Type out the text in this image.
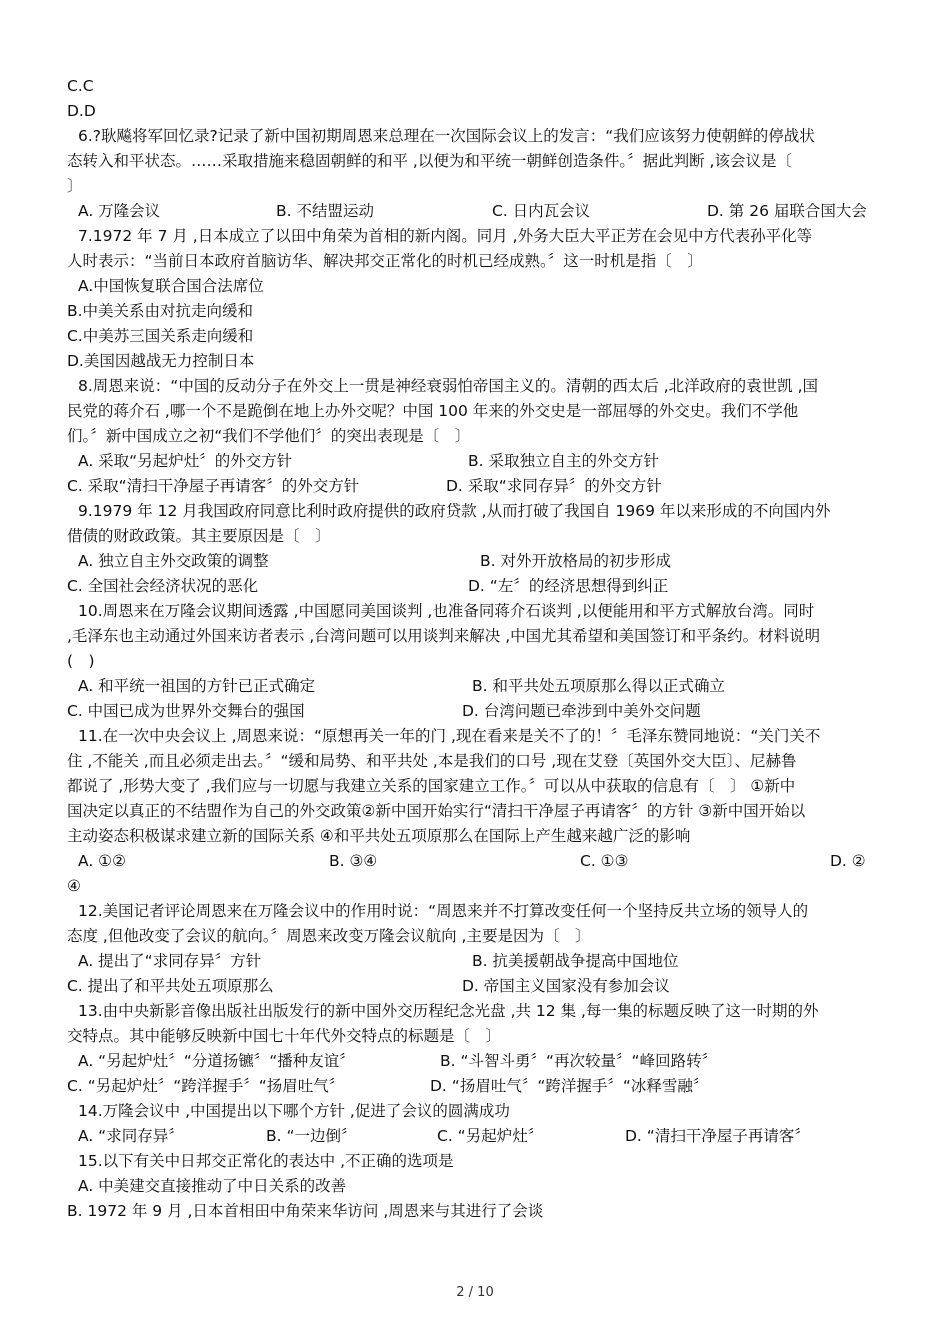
C.C
D.D
6.?耿飚将军回忆录?记录了新中国初期周恩来总理在一次国际会议上的发言：“我们应该努力使朝鲜的停战状
态转入和平状态。……采取措施来稳固朝鲜的和平 ,以便为和平统一朝鲜创造条件。〞据此判断 ,该会议是〔
〕
A. 万隆会议	B. 不结盟运动	C. 日内瓦会议	D. 第 26 届联合国大会
7.1972 年 7 月 ,日本成立了以田中角荣为首相的新内阁。同月 ,外务大臣大平正芳在会见中方代表孙平化等
人时表示：“当前日本政府首脑访华、解决邦交正常化的时机已经成熟。〞这一时机是指〔　〕
A.中国恢复联合国合法席位
B.中美关系由对抗走向缓和
C.中美苏三国关系走向缓和
D.美国因越战无力控制日本
8.周恩来说：“中国的反动分子在外交上一贯是神经衰弱怕帝国主义的。清朝的西太后 ,北洋政府的袁世凯 ,国
民党的蒋介石 ,哪一个不是跪倒在地上办外交呢？中国 100 年来的外交史是一部屈辱的外交史。我们不学他
们。〞新中国成立之初“我们不学他们〞的突出表现是〔　〕
A. 采取“另起炉灶〞的外交方针	B. 采取独立自主的外交方针
C. 采取“清扫干净屋子再请客〞的外交方针	D. 采取“求同存异〞的外交方针
9.1979 年 12 月我国政府同意比利时政府提供的政府贷款 ,从而打破了我国自 1969 年以来形成的不向国内外
借债的财政政策。其主要原因是〔　〕
A. 独立自主外交政策的调整	B. 对外开放格局的初步形成
C. 全国社会经济状况的恶化	D. “左〞的经济思想得到纠正
10.周恩来在万隆会议期间透露 ,中国愿同美国谈判 ,也准备同蒋介石谈判 ,以便能用和平方式解放台湾。同时
,毛泽东也主动通过外国来访者表示 ,台湾问题可以用谈判来解决 ,中国尤其希望和美国签订和平条约。材料说明
(　)
A. 和平统一祖国的方针已正式确定	B. 和平共处五项原那么得以正式确立
C. 中国已成为世界外交舞台的强国	D. 台湾问题已牵涉到中美外交问题
11.在一次中央会议上 ,周恩来说：“原想再关一年的门 ,现在看来是关不了的！〞毛泽东赞同地说：“关门关不
住 ,不能关 ,而且必须走出去。〞“缓和局势、和平共处 ,本是我们的口号 ,现在艾登〔英国外交大臣〕、尼赫鲁
都说了 ,形势大变了 ,我们应与一切愿与我建立关系的国家建立工作。〞可以从中获取的信息有〔　〕 ①新中
国决定以真正的不结盟作为自己的外交政策②新中国开始实行“清扫干净屋子再请客〞的方针 ③新中国开始以
主动姿态积极谋求建立新的国际关系 ④和平共处五项原那么在国际上产生越来越广泛的影响
A. ①②	B. ③④	C. ①③	D. ②
④
12.美国记者评论周恩来在万隆会议中的作用时说：“周恩来并不打算改变任何一个坚持反共立场的领导人的
态度 ,但他改变了会议的航向。〞周恩来改变万隆会议航向 ,主要是因为〔　〕
A. 提出了“求同存异〞方针	B. 抗美援朝战争提高中国地位
C. 提出了和平共处五项原那么	D. 帝国主义国家没有参加会议
13.由中央新影音像出版社出版发行的新中国外交历程纪念光盘 ,共 12 集 ,每一集的标题反映了这一时期的外
交特点。其中能够反映新中国七十年代外交特点的标题是〔　〕
A. “另起炉灶〞“分道扬镳〞“播种友谊〞	B. “斗智斗勇〞“再次较量〞“峰回路转〞
C. “另起炉灶〞“跨洋握手〞“扬眉吐气〞	D. “扬眉吐气〞“跨洋握手〞“冰释雪融〞
14.万隆会议中 ,中国提出以下哪个方针 ,促进了会议的圆满成功
A. “求同存异〞	B. “一边倒〞	C. “另起炉灶〞	D. “清扫干净屋子再请客〞
15.以下有关中日邦交正常化的表达中 ,不正确的选项是
A. 中美建交直接推动了中日关系的改善
B. 1972 年 9 月 ,日本首相田中角荣来华访问 ,周恩来与其进行了会谈
2 / 10
